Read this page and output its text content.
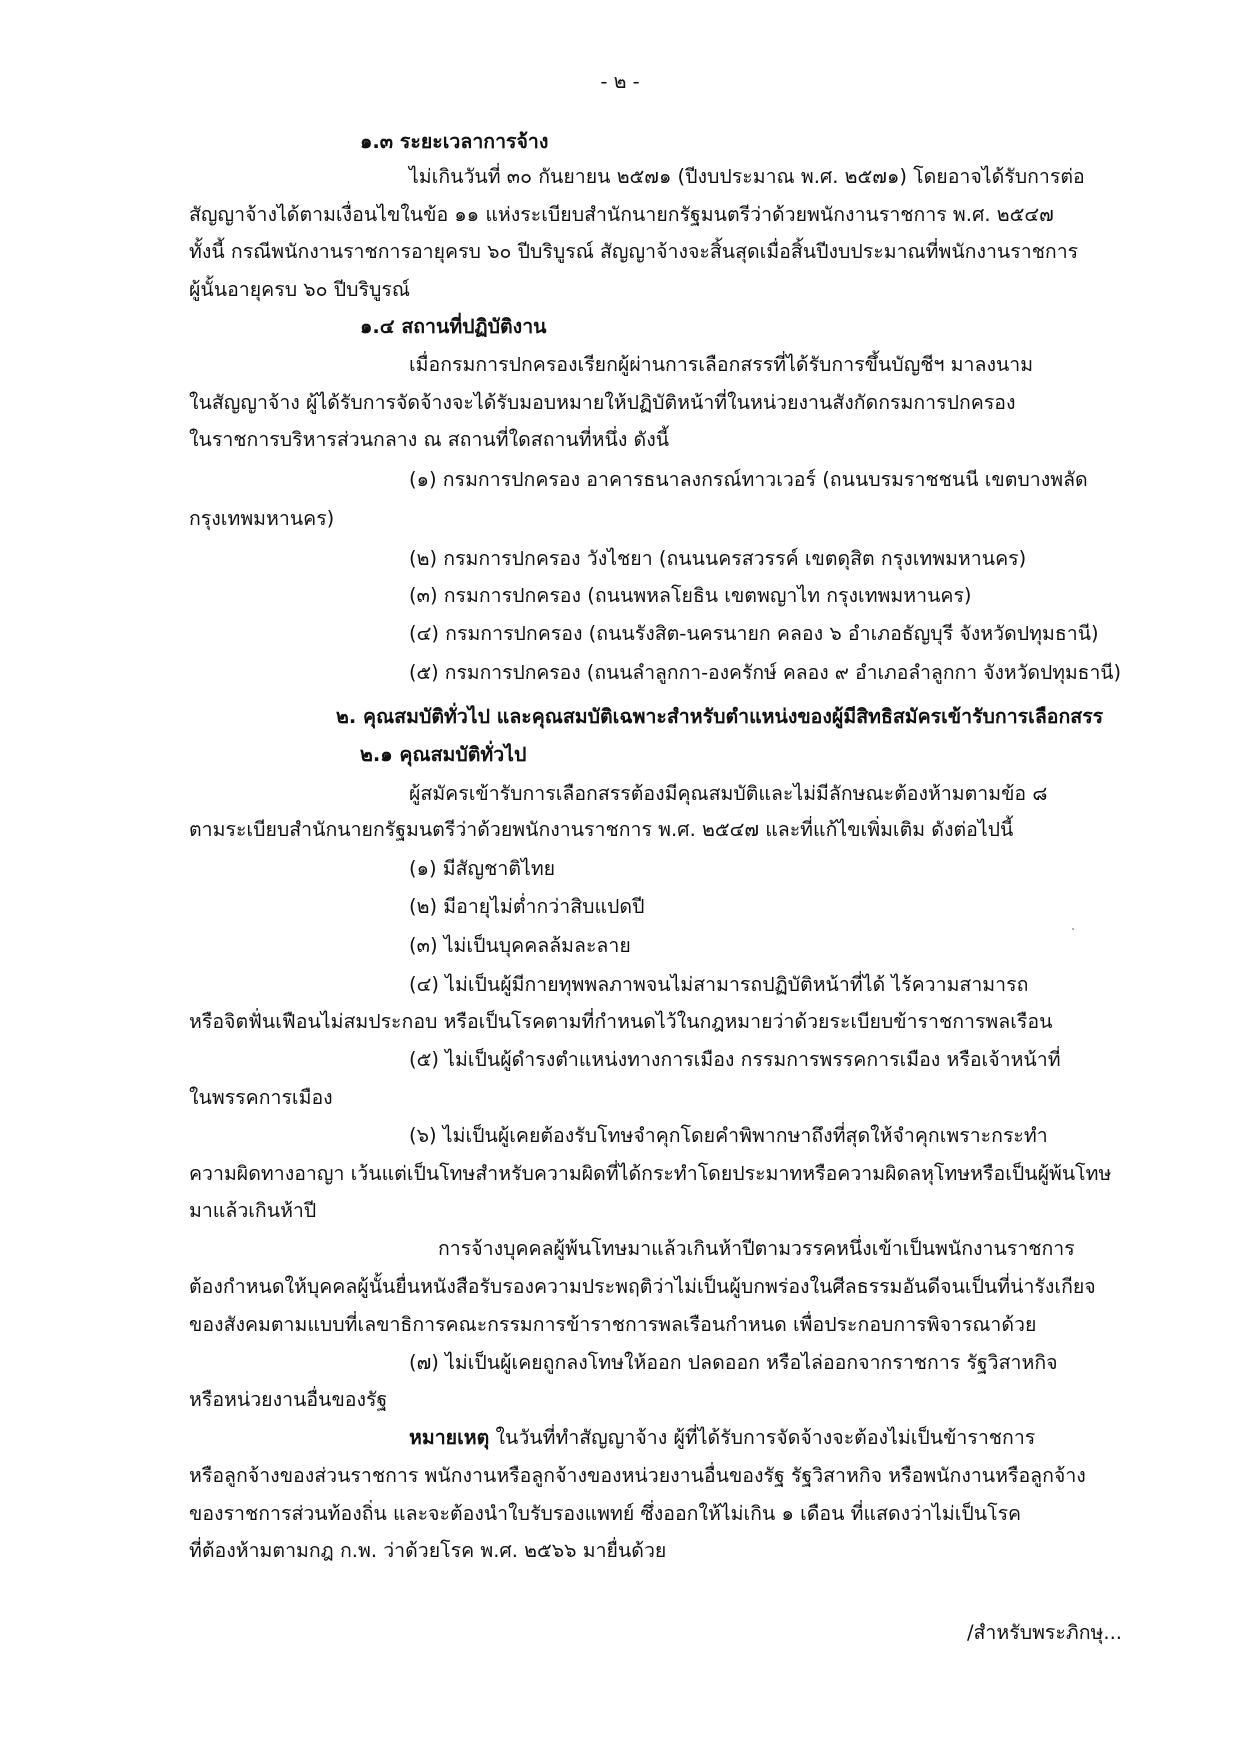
- ๒ -
๑.๓ ระยะเวลาการจ้าง
ไม่เกินวันที่ ๓๐ กันยายน ๒๕๗๑ (ปีงบประมาณ พ.ศ. ๒๕๗๑) โดยอาจได้รับการต่อ
สัญญาจ้างได้ตามเงื่อนไขในข้อ ๑๑ แห่งระเบียบสำนักนายกรัฐมนตรีว่าด้วยพนักงานราชการ พ.ศ. ๒๕๔๗
ทั้งนี้ กรณีพนักงานราชการอายุครบ ๖๐ ปีบริบูรณ์ สัญญาจ้างจะสิ้นสุดเมื่อสิ้นปีงบประมาณที่พนักงานราชการ
ผู้นั้นอายุครบ ๖๐ ปีบริบูรณ์
๑.๔ สถานที่ปฏิบัติงาน
เมื่อกรมการปกครองเรียกผู้ผ่านการเลือกสรรที่ได้รับการขึ้นบัญชีฯ มาลงนาม
ในสัญญาจ้าง ผู้ได้รับการจัดจ้างจะได้รับมอบหมายให้ปฏิบัติหน้าที่ในหน่วยงานสังกัดกรมการปกครอง
ในราชการบริหารส่วนกลาง ณ สถานที่ใดสถานที่หนึ่ง ดังนี้
(๑) กรมการปกครอง อาคารธนาลงกรณ์ทาวเวอร์ (ถนนบรมราชชนนี เขตบางพลัด
กรุงเทพมหานคร)
(๒) กรมการปกครอง วังไชยา (ถนนนครสวรรค์ เขตดุสิต กรุงเทพมหานคร)
(๓) กรมการปกครอง (ถนนพหลโยธิน เขตพญาไท กรุงเทพมหานคร)
(๔) กรมการปกครอง (ถนนรังสิต-นครนายก คลอง ๖ อำเภอธัญบุรี จังหวัดปทุมธานี)
(๕) กรมการปกครอง (ถนนลำลูกกา-องครักษ์ คลอง ๙ อำเภอลำลูกกา จังหวัดปทุมธานี)
๒. คุณสมบัติทั่วไป และคุณสมบัติเฉพาะสำหรับตำแหน่งของผู้มีสิทธิสมัครเข้ารับการเลือกสรร
๒.๑ คุณสมบัติทั่วไป
ผู้สมัครเข้ารับการเลือกสรรต้องมีคุณสมบัติและไม่มีลักษณะต้องห้ามตามข้อ ๘
ตามระเบียบสำนักนายกรัฐมนตรีว่าด้วยพนักงานราชการ พ.ศ. ๒๕๔๗ และที่แก้ไขเพิ่มเติม ดังต่อไปนี้
(๑) มีสัญชาติไทย
(๒) มีอายุไม่ต่ำกว่าสิบแปดปี
(๓) ไม่เป็นบุคคลล้มละลาย
(๔) ไม่เป็นผู้มีกายทุพพลภาพจนไม่สามารถปฏิบัติหน้าที่ได้ ไร้ความสามารถ
หรือจิตฟั่นเฟือนไม่สมประกอบ หรือเป็นโรคตามที่กำหนดไว้ในกฎหมายว่าด้วยระเบียบข้าราชการพลเรือน
(๕) ไม่เป็นผู้ดำรงตำแหน่งทางการเมือง กรรมการพรรคการเมือง หรือเจ้าหน้าที่
ในพรรคการเมือง
(๖) ไม่เป็นผู้เคยต้องรับโทษจำคุกโดยคำพิพากษาถึงที่สุดให้จำคุกเพราะกระทำ
ความผิดทางอาญา เว้นแต่เป็นโทษสำหรับความผิดที่ได้กระทำโดยประมาทหรือความผิดลหุโทษหรือเป็นผู้พ้นโทษ
มาแล้วเกินห้าปี
การจ้างบุคคลผู้พ้นโทษมาแล้วเกินห้าปีตามวรรคหนึ่งเข้าเป็นพนักงานราชการ
ต้องกำหนดให้บุคคลผู้นั้นยื่นหนังสือรับรองความประพฤติว่าไม่เป็นผู้บกพร่องในศีลธรรมอันดีจนเป็นที่น่ารังเกียจ
ของสังคมตามแบบที่เลขาธิการคณะกรรมการข้าราชการพลเรือนกำหนด เพื่อประกอบการพิจารณาด้วย
(๗) ไม่เป็นผู้เคยถูกลงโทษให้ออก ปลดออก หรือไล่ออกจากราชการ รัฐวิสาหกิจ
หรือหน่วยงานอื่นของรัฐ
หมายเหตุ ในวันที่ทำสัญญาจ้าง ผู้ที่ได้รับการจัดจ้างจะต้องไม่เป็นข้าราชการ
หรือลูกจ้างของส่วนราชการ พนักงานหรือลูกจ้างของหน่วยงานอื่นของรัฐ รัฐวิสาหกิจ หรือพนักงานหรือลูกจ้าง
ของราชการส่วนท้องถิ่น และจะต้องนำใบรับรองแพทย์ ซึ่งออกให้ไม่เกิน ๑ เดือน ที่แสดงว่าไม่เป็นโรค
ที่ต้องห้ามตามกฎ ก.พ. ว่าด้วยโรค พ.ศ. ๒๕๖๖ มายื่นด้วย
/สำหรับพระภิกษุ...
